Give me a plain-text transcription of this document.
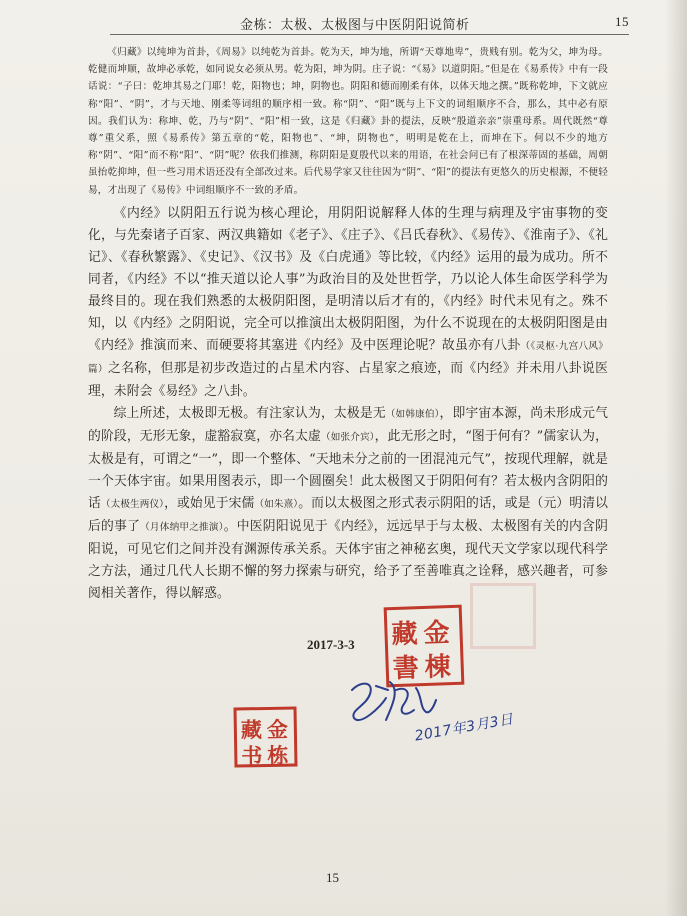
金栋：太极、太极图与中医阴阳说简析	15

《归藏》以纯坤为首卦，《周易》以纯乾为首卦。乾为天，坤为地，所谓“天尊地卑”，贵贱有别。乾为父，坤为母。乾健而坤顺，故坤必承乾，如同说女必须从男。乾为阳，坤为阴。庄子说：“《易》以道阴阳。”但是在《易系传》中有一段话说：“子曰：乾坤其易之门耶！乾，阳物也；坤，阴物也。阴阳和德而刚柔有体，以体天地之撰。”既称乾坤，下文就应称“阳”、“阴”，才与天地、刚柔等词组的顺序相一致。称“阴”、“阳”既与上下文的词组顺序不合，那么，其中必有原因。我们认为：称坤、乾，乃与“阴”、“阳”相一致，这是《归藏》卦的提法，反映“殷道亲亲”崇重母系。周代既然“尊尊”重父系，照《易系传》第五章的“乾，阳物也”、“坤，阴物也”，明明是乾在上，而坤在下。何以不少的地方称“阴”、“阳”而不称“阳”、“阴”呢？依我们推测，称阴阳是夏殷代以来的用语，在社会问已有了根深蒂固的基础，周朝虽抬乾抑坤，但一些习用术语还没有全部改过来。后代易学家又往往因为“阴”、“阳”的提法有更悠久的历史根源，不便轻易，才出现了《易传》中词组顺序不一致的矛盾。

《内经》以阴阳五行说为核心理论，用阴阳说解释人体的生理与病理及宇宙事物的变化，与先秦诸子百家、两汉典籍如《老子》、《庄子》、《吕氏春秋》、《易传》、《淮南子》、《礼记》、《春秋繁露》、《史记》、《汉书》及《白虎通》等比较，《内经》运用的最为成功。所不同者，《内经》不以“推天道以论人事”为政治目的及处世哲学，乃以论人体生命医学科学为最终目的。现在我们熟悉的太极阴阳图，是明清以后才有的，《内经》时代未见有之。殊不知，以《内经》之阴阳说，完全可以推演出太极阴阳图，为什么不说现在的太极阴阳图是由《内经》推演而来、而硬要将其塞进《内经》及中医理论呢？故虽亦有八卦（《灵枢·九宫八风》篇）之名称，但那是初步改造过的占星术内容、占星家之痕迹，而《内经》并未用八卦说医理，未附会《易经》之八卦。

综上所述，太极即无极。有注家认为，太极是无（如韩康伯），即宇宙本源，尚未形成元气的阶段，无形无象，虚豁寂寞，亦名太虚（如张介宾），此无形之时，“图于何有？”儒家认为，太极是有，可谓之“一”，即一个整体、“天地未分之前的一团混沌元气”，按现代理解，就是一个天体宇宙。如果用图表示，即一个圆圈矣！此太极图又于阴阳何有？若太极内含阴阳的话（太极生两仪），或始见于宋儒（如朱熹）。而以太极图之形式表示阴阳的话，或是（元）明清以后的事了（月体纳甲之推演）。中医阴阳说见于《内经》，远远早于与太极、太极图有关的内含阴阳说，可见它们之间并没有渊源传承关系。天体宇宙之神秘玄奥，现代天文学家以现代科学之方法，通过几代人长期不懈的努力探索与研究，给予了至善唯真之诠释，感兴趣者，可参阅相关著作，得以解惑。

金
棟
藏
書
2017-3-3
金
栋
藏
书
2017年3月3日
15
